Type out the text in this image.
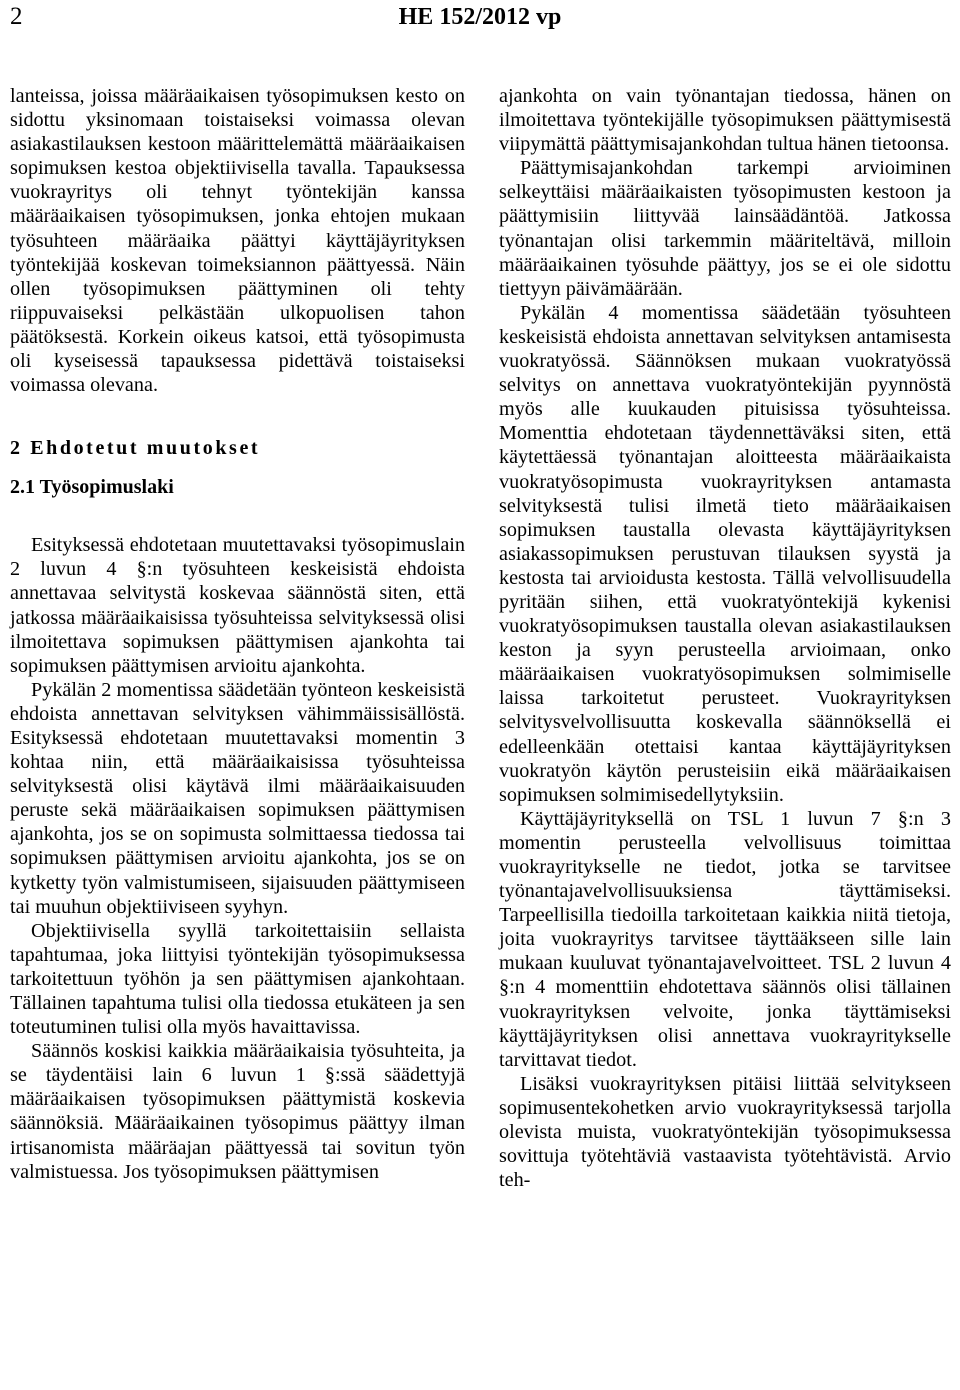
2	HE 152/2012 vp

lanteissa, joissa määräaikaisen työsopimuksen kesto on sidottu yksinomaan toistaiseksi voimassa olevan asiakastilauksen kestoon määrittelemättä määräaikaisen sopimuksen kestoa objektiivisella tavalla. Tapauksessa vuokrayritys oli tehnyt työntekijän kanssa määräaikaisen työsopimuksen, jonka ehtojen mukaan työsuhteen määräaika päättyi käyttäjäyrityksen työntekijää koskevan toimeksiannon päättyessä. Näin ollen työsopimuksen päättyminen oli tehty riippuvaiseksi pelkästään ulkopuolisen tahon päätöksestä. Korkein oikeus katsoi, että työsopimusta oli kyseisessä tapauksessa pidettävä toistaiseksi voimassa olevana.

2 Ehdotetut muutokset
2.1 Työsopimuslaki

Esityksessä ehdotetaan muutettavaksi työsopimuslain 2 luvun 4 §:n työsuhteen keskeisistä ehdoista annettavaa selvitystä koskevaa säännöstä siten, että jatkossa määräaikaisissa työsuhteissa selvityksessä olisi ilmoitettava sopimuksen päättymisen ajankohta tai sopimuksen päättymisen arvioitu ajankohta.

Pykälän 2 momentissa säädetään työnteon keskeisistä ehdoista annettavan selvityksen vähimmäissisällöstä. Esityksessä ehdotetaan muutettavaksi momentin 3 kohtaa niin, että määräaikaisissa työsuhteissa selvityksestä olisi käytävä ilmi määräaikaisuuden peruste sekä määräaikaisen sopimuksen päättymisen ajankohta, jos se on sopimusta solmittaessa tiedossa tai sopimuksen päättymisen arvioitu ajankohta, jos se on kytketty työn valmistumiseen, sijaisuuden päättymiseen tai muuhun objektiiviseen syyhyn.

Objektiivisella syyllä tarkoitettaisiin sellaista tapahtumaa, joka liittyisi työntekijän työsopimuksessa tarkoitettuun työhön ja sen päättymisen ajankohtaan. Tällainen tapahtuma tulisi olla tiedossa etukäteen ja sen toteutuminen tulisi olla myös havaittavissa.

Säännös koskisi kaikkia määräaikaisia työsuhteita, ja se täydentäisi lain 6 luvun 1 §:ssä säädettyjä määräaikaisen työsopimuksen päättymistä koskevia säännöksiä. Määräaikainen työsopimus päättyy ilman irtisanomista määräajan päättyessä tai sovitun työn valmistuessa. Jos työsopimuksen päättymisen

ajankohta on vain työnantajan tiedossa, hänen on ilmoitettava työntekijälle työsopimuksen päättymisestä viipymättä päättymisajankohdan tultua hänen tietoonsa.

Päättymisajankohdan tarkempi arvioiminen selkeyttäisi määräaikaisten työsopimusten kestoon ja päättymisiin liittyvää lainsäädäntöä. Jatkossa työnantajan olisi tarkemmin määriteltävä, milloin määräaikainen työsuhde päättyy, jos se ei ole sidottu tiettyyn päivämäärään.

Pykälän 4 momentissa säädetään työsuhteen keskeisistä ehdoista annettavan selvityksen antamisesta vuokratyössä. Säännöksen mukaan vuokratyössä selvitys on annettava vuokratyöntekijän pyynnöstä myös alle kuukauden pituisissa työsuhteissa. Momenttia ehdotetaan täydennettäväksi siten, että käytettäessä työnantajan aloitteesta määräaikaista vuokratyösopimusta vuokrayrityksen antamasta selvityksestä tulisi ilmetä tieto määräaikaisen sopimuksen taustalla olevasta käyttäjäyrityksen asiakassopimuksen perustuvan tilauksen syystä ja kestosta tai arvioidusta kestosta. Tällä velvollisuudella pyritään siihen, että vuokratyöntekijä kykenisi vuokratyösopimuksen taustalla olevan asiakastilauksen keston ja syyn perusteella arvioimaan, onko määräaikaisen vuokratyösopimuksen solmimiselle laissa tarkoitetut perusteet. Vuokrayrityksen selvitysvelvollisuutta koskevalla säännöksellä ei edelleenkään otettaisi kantaa käyttäjäyrityksen vuokratyön käytön perusteisiin eikä määräaikaisen sopimuksen solmimisedellytyksiin.

Käyttäjäyrityksellä on TSL 1 luvun 7 §:n 3 momentin perusteella velvollisuus toimittaa vuokrayritykselle ne tiedot, jotka se tarvitsee työnantajavelvollisuuksiensa täyttämiseksi. Tarpeellisilla tiedoilla tarkoitetaan kaikkia niitä tietoja, joita vuokrayritys tarvitsee täyttääkseen sille lain mukaan kuuluvat työnantajavelvoitteet. TSL 2 luvun 4 §:n 4 momenttiin ehdotettava säännös olisi tällainen vuokrayrityksen velvoite, jonka täyttämiseksi käyttäjäyrityksen olisi annettava vuokrayritykselle tarvittavat tiedot.

Lisäksi vuokrayrityksen pitäisi liittää selvitykseen sopimusentekohetken arvio vuokrayrityksessä tarjolla olevista muista, vuokratyöntekijän työsopimuksessa sovittuja työtehtäviä vastaavista työtehtävistä. Arvio teh-
